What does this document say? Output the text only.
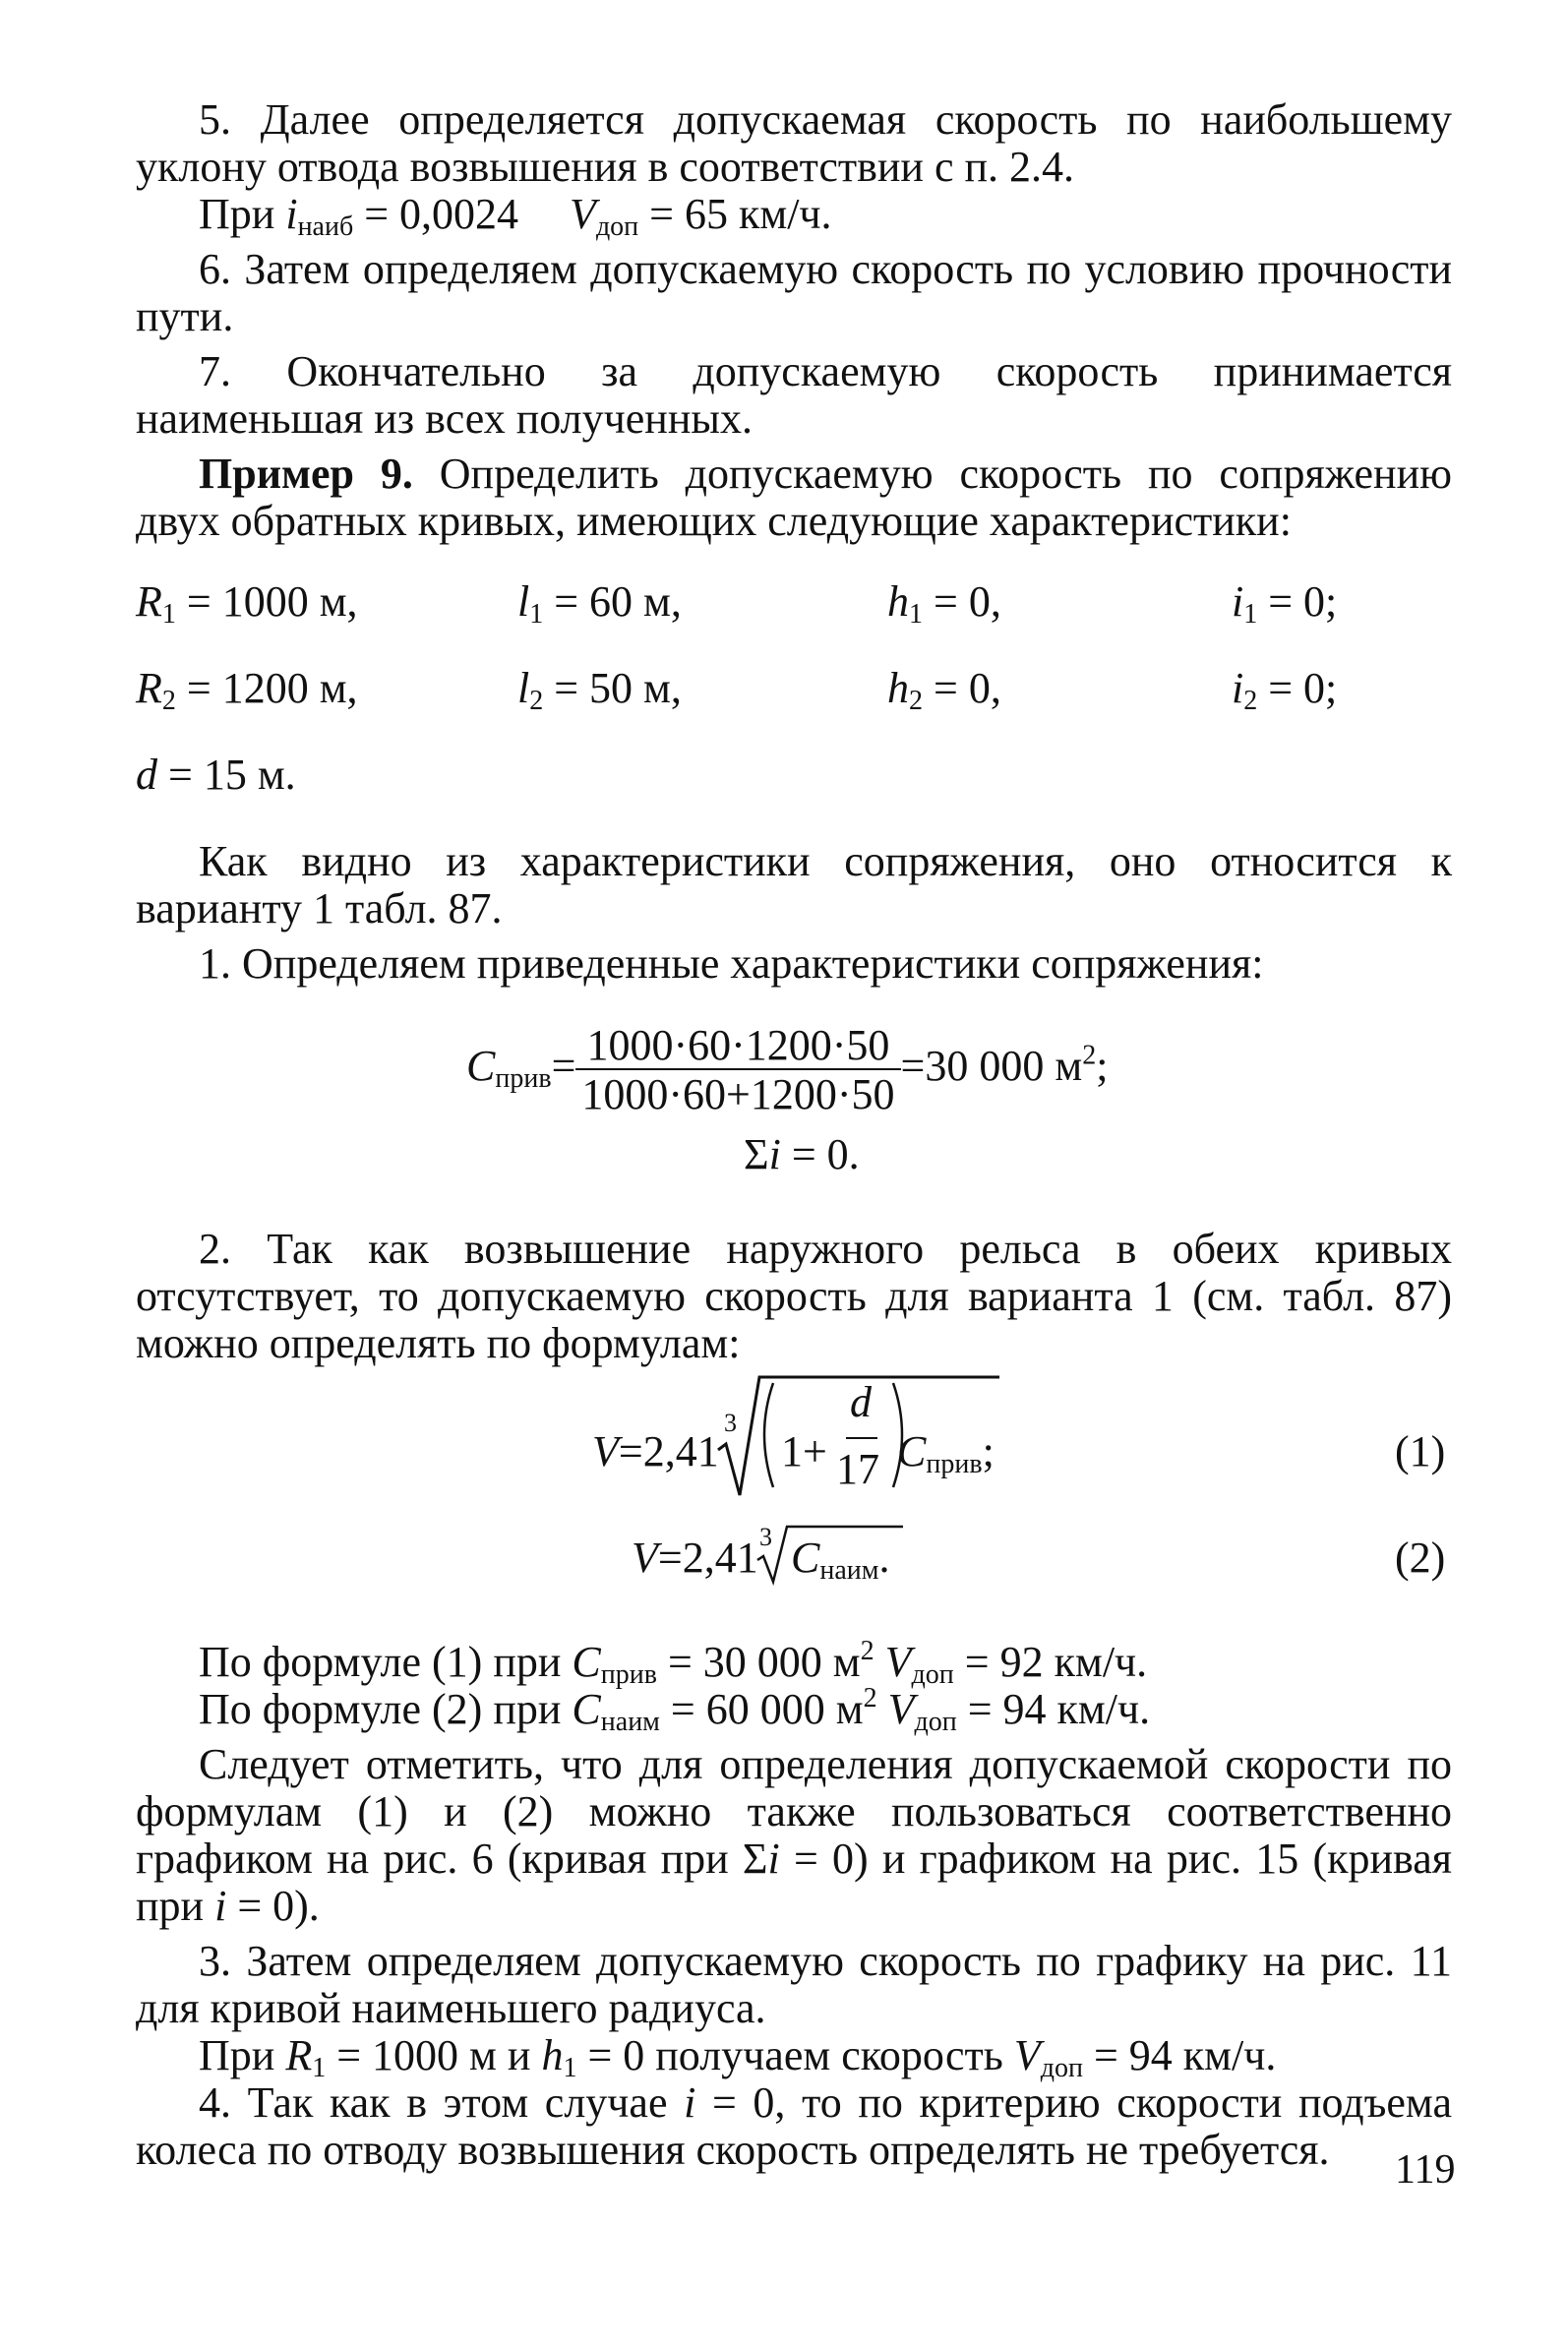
5. Далее определяется допускаемая скорость по наибольшему уклону отвода возвышения в соответствии с п. 2.4.

При $i_{наиб} = 0,0024$ $V_{доп} = 65$ км/ч.

6. Затем определяем допускаемую скорость по условию прочности пути.

7. Окончательно за допускаемую скорость принимается наименьшая из всех полученных.

Пример 9. Определить допускаемую скорость по сопряжению двух обратных кривых, имеющих следующие характеристики:

$R_1 = 1000$ м,	$l_1 = 60$ м,	$h_1 = 0$,	$i_1 = 0$;
$R_2 = 1200$ м,	$l_2 = 50$ м,	$h_2 = 0$,	$i_2 = 0$;
d = 15 м.

Как видно из характеристики сопряжения, оно относится к варианту 1 табл. 87.

1. Определяем приведенные характеристики сопряжения:

$C_{прив}= \frac{1000\cdot 60\cdot 1200\cdot 50}{1000\cdot 60+1200\cdot 50} =30$ 000 $м^2$;
Σi = 0.

2. Так как возвышение наружного рельса в обеих кривых отсутствует, то допускаемую скорость для варианта 1 (см. табл. 87) можно определять по формулам:

V=2,41
3
1+
d
17 $C_{прив}$;	(1)
V=2,41 3 $C_{наим}$.	(2)

По формуле (1) при $C_{прив} = 30$ 000 $м^2$ $V_{доп} = 92$ км/ч.

По формуле (2) при $C_{наим} = 60$ 000 $м^2$ $V_{доп} = 94$ км/ч.

Следует отметить, что для определения допускаемой скорости по формулам (1) и (2) можно также пользоваться соответственно графиком на рис. 6 (кривая при Σi = 0) и графиком на рис. 15 (кривая при i = 0).

3. Затем определяем допускаемую скорость по графику на рис. 11 для кривой наименьшего радиуса.

При $R_1 = 1000$ м и $h_1 = 0$ получаем скорость $V_{доп} = 94$ км/ч.

4. Так как в этом случае i = 0, то по критерию скорости подъема колеса по отводу возвышения скорость определять не требуется.	119
